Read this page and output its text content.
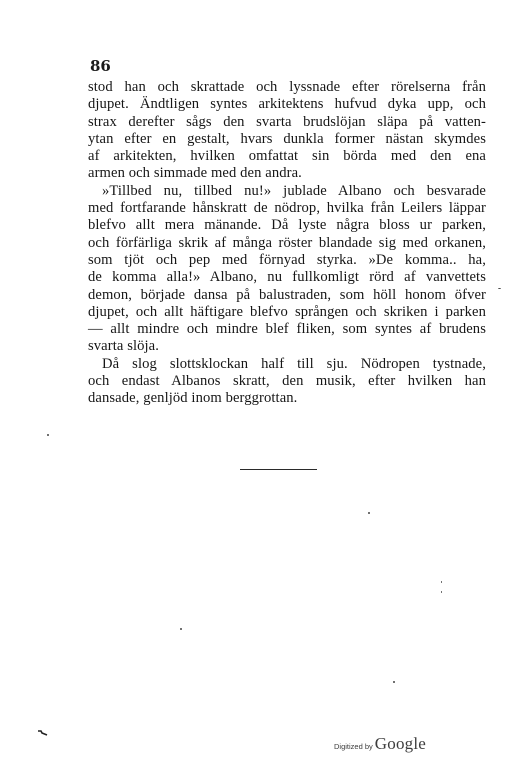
86
stod han och skrattade och lyssnade efter rörelserna från
djupet. Ändtligen syntes arkitektens hufvud dyka upp, och
strax derefter sågs den svarta brudslöjan släpa på vatten-
ytan efter en gestalt, hvars dunkla former nästan skymdes
af arkitekten, hvilken omfattat sin börda med den ena
armen och simmade med den andra.
»Tillbed nu, tillbed nu!» jublade Albano och besvarade
med fortfarande hånskratt de nödrop, hvilka från Leilers läppar
blefvo allt mera mänande. Då lyste några bloss ur parken,
och förfärliga skrik af många röster blandade sig med orkanen,
som tjöt och pep med förnyad styrka. »De komma.. ha,
de komma alla!» Albano, nu fullkomligt rörd af vanvettets
demon, började dansa på balustraden, som höll honom öfver
djupet, och allt häftigare blefvo sprången och skriken i parken
— allt mindre och mindre blef fliken, som syntes af brudens
svarta slöja.
Då slog slottsklockan half till sju. Nödropen tystnade,
och endast Albanos skratt, den musik, efter hvilken han
dansade, genljöd inom berggrottan.
Digitized by Google
